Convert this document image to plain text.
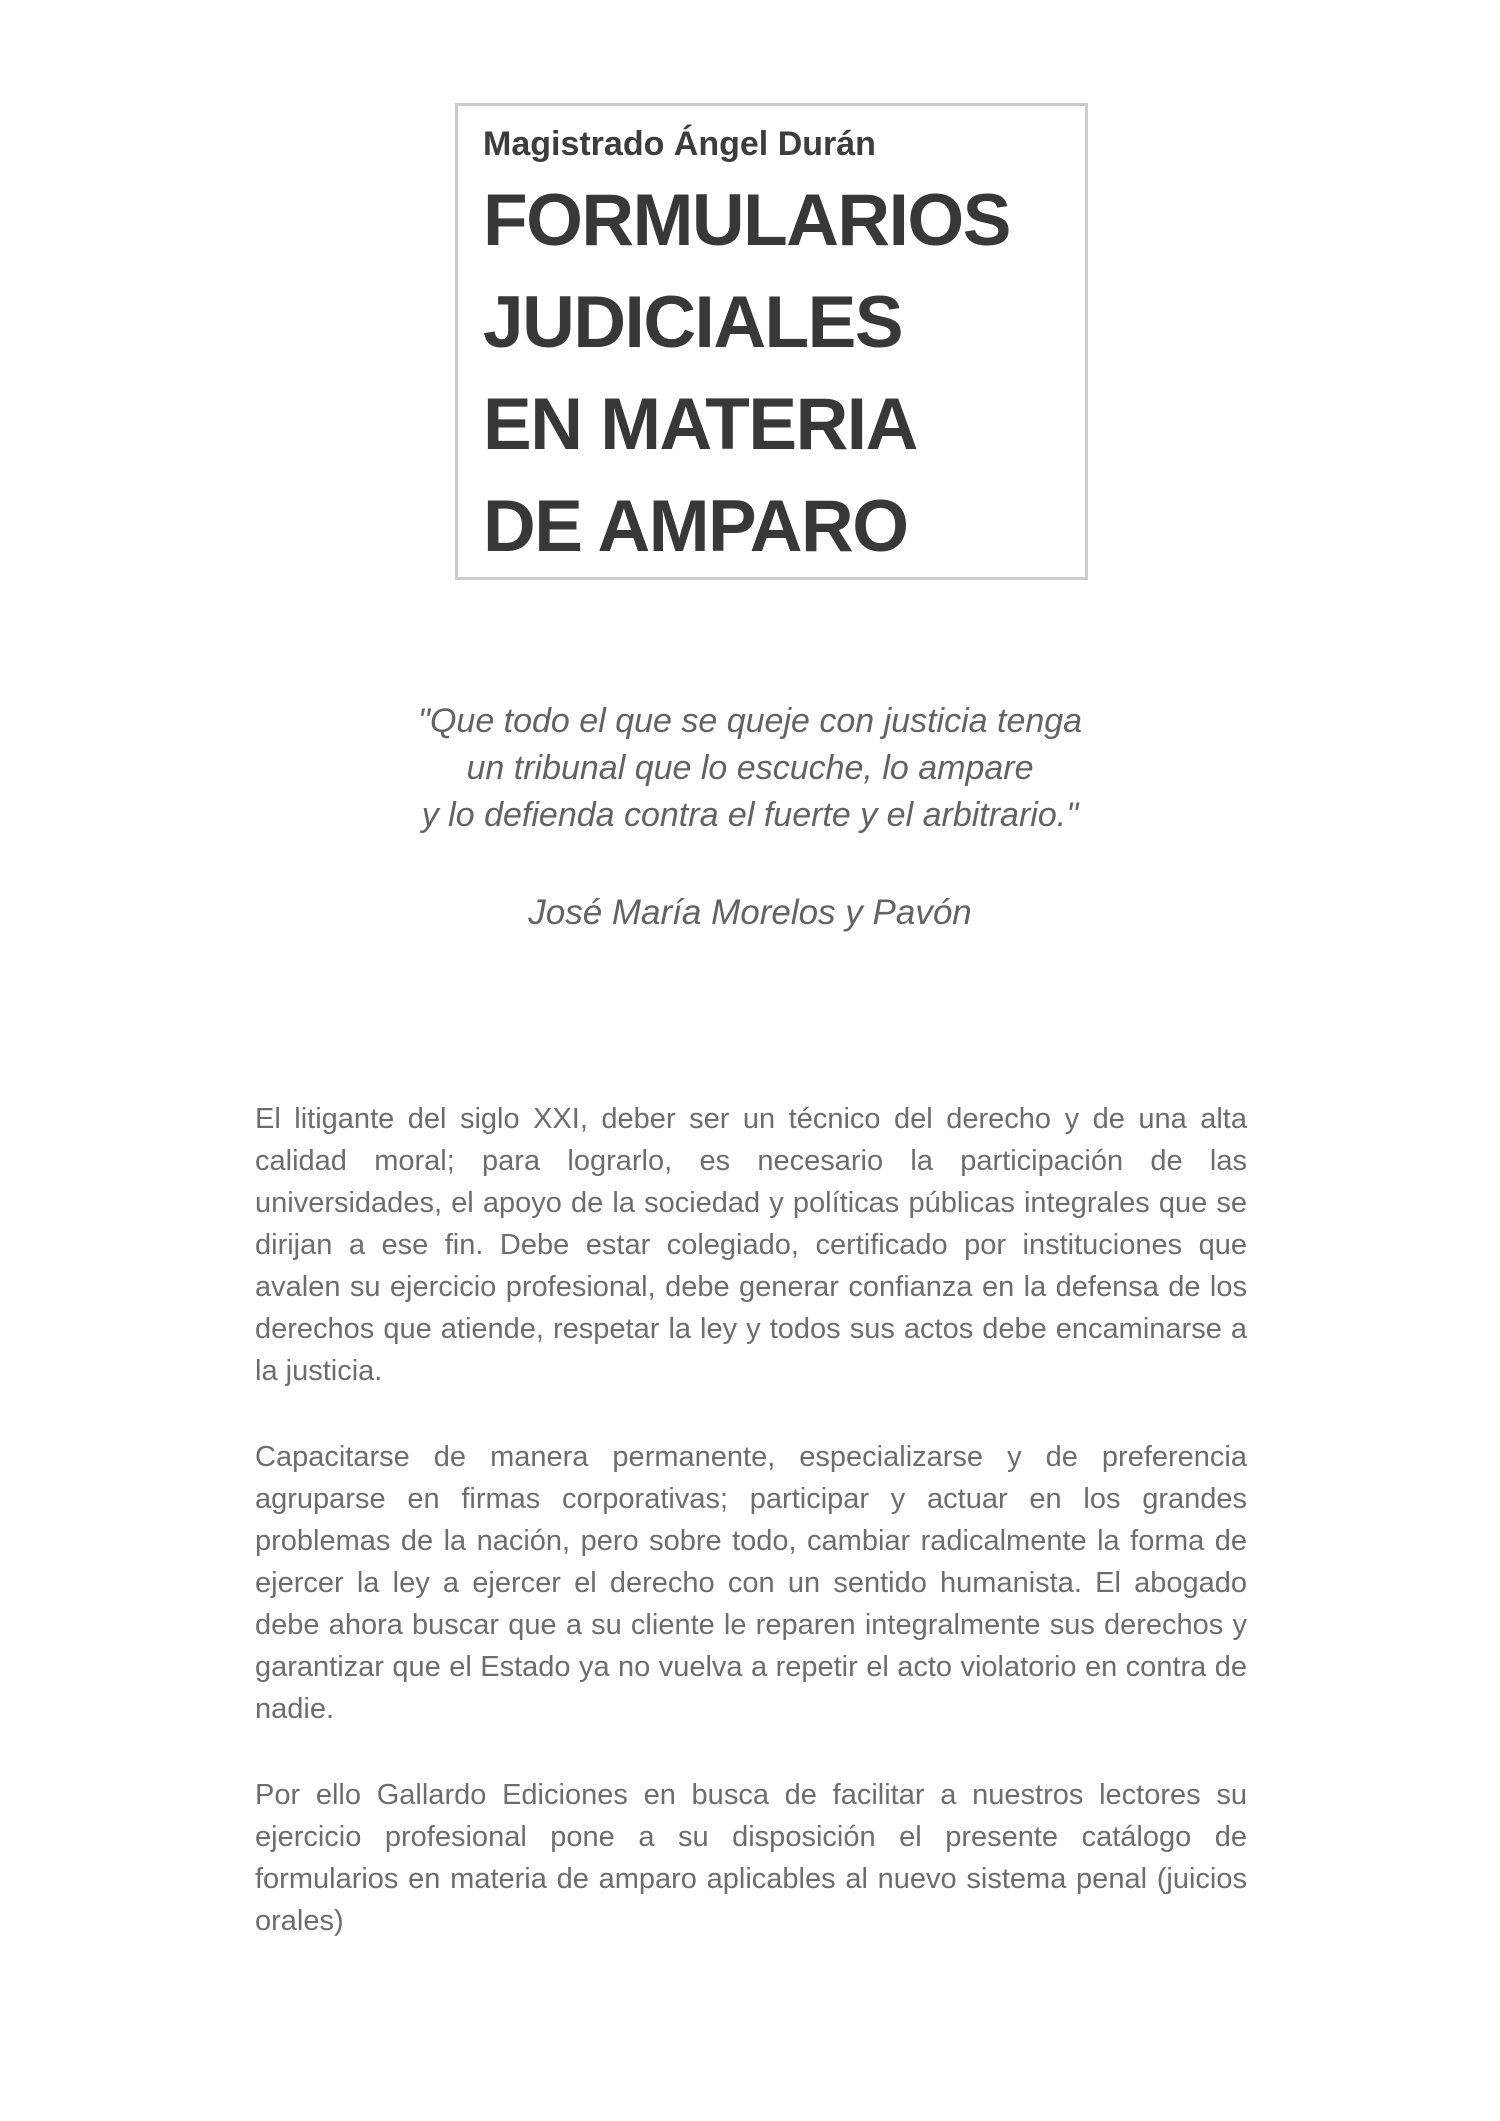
Magistrado Ángel Durán
FORMULARIOS
JUDICIALES
EN MATERIA
DE AMPARO
"Que todo el que se queje con justicia tenga
un tribunal que lo escuche, lo ampare
y lo defienda contra el fuerte y el arbitrario."
José María Morelos y Pavón

El litigante del siglo XXI, deber ser un técnico del derecho y de una alta calidad moral; para lograrlo, es necesario la participación de las universidades, el apoyo de la sociedad y políticas públicas integrales que se dirijan a ese fin. Debe estar colegiado, certificado por instituciones que avalen su ejercicio profesional, debe generar confianza en la defensa de los derechos que atiende, respetar la ley y todos sus actos debe encaminarse a la justicia.

Capacitarse de manera permanente, especializarse y de preferencia agruparse en firmas corporativas; participar y actuar en los grandes problemas de la nación, pero sobre todo, cambiar radicalmente la forma de ejercer la ley a ejercer el derecho con un sentido humanista. El abogado debe ahora buscar que a su cliente le reparen integralmente sus derechos y garantizar que el Estado ya no vuelva a repetir el acto violatorio en contra de nadie.

Por ello Gallardo Ediciones en busca de facilitar a nuestros lectores su ejercicio profesional pone a su disposición el presente catálogo de formularios en materia de amparo aplicables al nuevo sistema penal (juicios orales)
